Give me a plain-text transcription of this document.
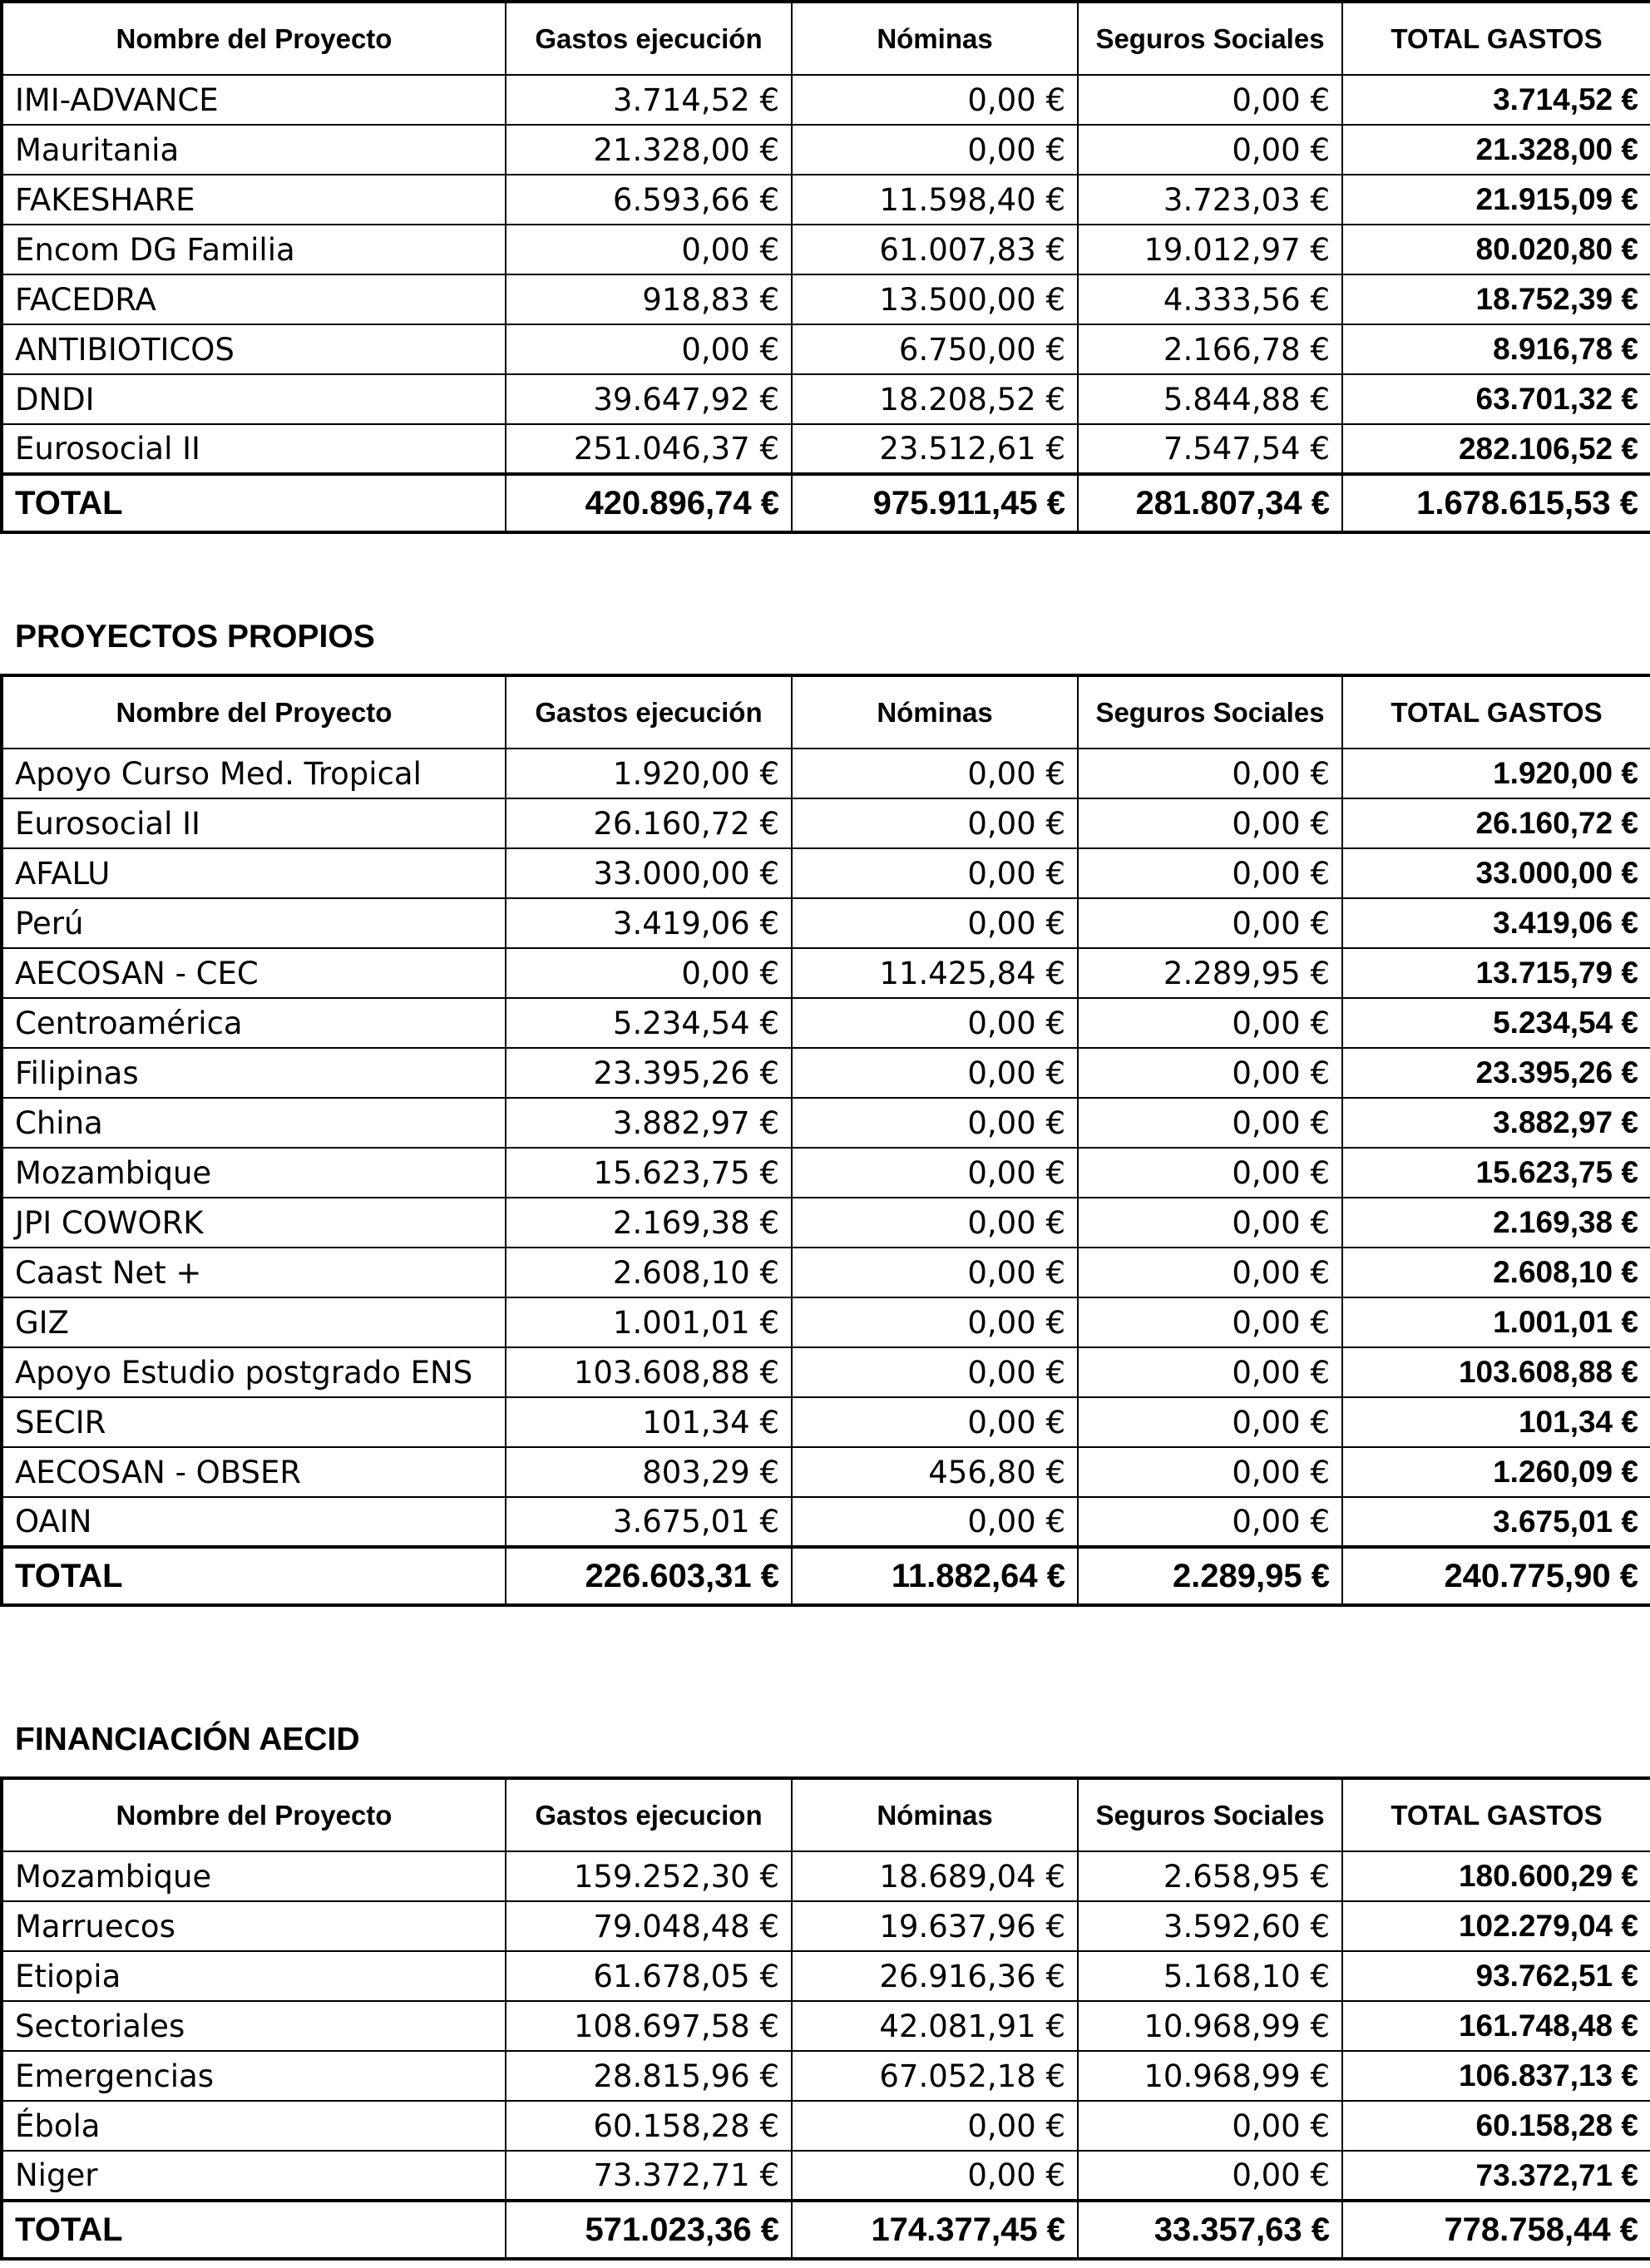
Nombre del Proyecto	Gastos ejecución	Nóminas	Seguros Sociales	TOTAL GASTOS
IMI-ADVANCE	3.714,52 €	0,00 €	0,00 €	3.714,52 €
Mauritania	21.328,00 €	0,00 €	0,00 €	21.328,00 €
FAKESHARE	6.593,66 €	11.598,40 €	3.723,03 €	21.915,09 €
Encom DG Familia	0,00 €	61.007,83 €	19.012,97 €	80.020,80 €
FACEDRA	918,83 €	13.500,00 €	4.333,56 €	18.752,39 €
ANTIBIOTICOS	0,00 €	6.750,00 €	2.166,78 €	8.916,78 €
DNDI	39.647,92 €	18.208,52 €	5.844,88 €	63.701,32 €
Eurosocial II	251.046,37 €	23.512,61 €	7.547,54 €	282.106,52 €
TOTAL	420.896,74 €	975.911,45 €	281.807,34 €	1.678.615,53 €
PROYECTOS PROPIOS
Nombre del Proyecto	Gastos ejecución	Nóminas	Seguros Sociales	TOTAL GASTOS
Apoyo Curso Med. Tropical	1.920,00 €	0,00 €	0,00 €	1.920,00 €
Eurosocial II	26.160,72 €	0,00 €	0,00 €	26.160,72 €
AFALU	33.000,00 €	0,00 €	0,00 €	33.000,00 €
Perú	3.419,06 €	0,00 €	0,00 €	3.419,06 €
AECOSAN - CEC	0,00 €	11.425,84 €	2.289,95 €	13.715,79 €
Centroamérica	5.234,54 €	0,00 €	0,00 €	5.234,54 €
Filipinas	23.395,26 €	0,00 €	0,00 €	23.395,26 €
China	3.882,97 €	0,00 €	0,00 €	3.882,97 €
Mozambique	15.623,75 €	0,00 €	0,00 €	15.623,75 €
JPI COWORK	2.169,38 €	0,00 €	0,00 €	2.169,38 €
Caast Net +	2.608,10 €	0,00 €	0,00 €	2.608,10 €
GIZ	1.001,01 €	0,00 €	0,00 €	1.001,01 €
Apoyo Estudio postgrado ENS	103.608,88 €	0,00 €	0,00 €	103.608,88 €
SECIR	101,34 €	0,00 €	0,00 €	101,34 €
AECOSAN - OBSER	803,29 €	456,80 €	0,00 €	1.260,09 €
OAIN	3.675,01 €	0,00 €	0,00 €	3.675,01 €
TOTAL	226.603,31 €	11.882,64 €	2.289,95 €	240.775,90 €
FINANCIACIÓN AECID
Nombre del Proyecto	Gastos ejecucion	Nóminas	Seguros Sociales	TOTAL GASTOS
Mozambique	159.252,30 €	18.689,04 €	2.658,95 €	180.600,29 €
Marruecos	79.048,48 €	19.637,96 €	3.592,60 €	102.279,04 €
Etiopia	61.678,05 €	26.916,36 €	5.168,10 €	93.762,51 €
Sectoriales	108.697,58 €	42.081,91 €	10.968,99 €	161.748,48 €
Emergencias	28.815,96 €	67.052,18 €	10.968,99 €	106.837,13 €
Ébola	60.158,28 €	0,00 €	0,00 €	60.158,28 €
Niger	73.372,71 €	0,00 €	0,00 €	73.372,71 €
TOTAL	571.023,36 €	174.377,45 €	33.357,63 €	778.758,44 €
